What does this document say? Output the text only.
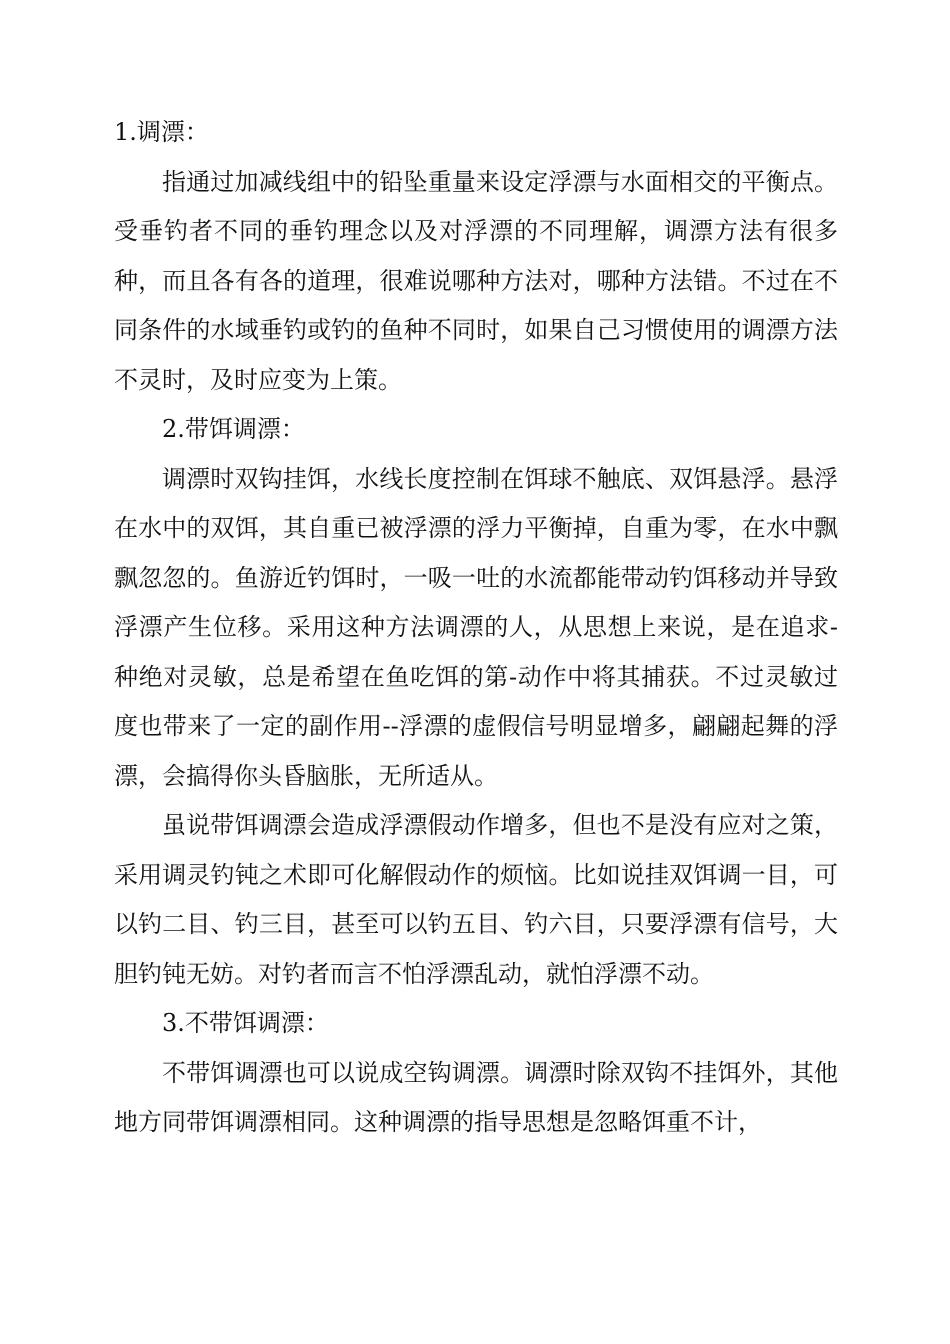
1.调漂：

指通过加减线组中的铅坠重量来设定浮漂与水面相交的平衡点。受垂钓者不同的垂钓理念以及对浮漂的不同理解，调漂方法有很多种，而且各有各的道理，很难说哪种方法对，哪种方法错。不过在不同条件的水域垂钓或钓的鱼种不同时，如果自己习惯使用的调漂方法不灵时，及时应变为上策。

2.带饵调漂：

调漂时双钩挂饵，水线长度控制在饵球不触底、双饵悬浮。悬浮在水中的双饵，其自重已被浮漂的浮力平衡掉，自重为零，在水中飘飘忽忽的。鱼游近钓饵时，一吸一吐的水流都能带动钓饵移动并导致浮漂产生位移。采用这种方法调漂的人，从思想上来说，是在追求-种绝对灵敏，总是希望在鱼吃饵的第-动作中将其捕获。不过灵敏过度也带来了一定的副作用--浮漂的虚假信号明显增多，翩翩起舞的浮漂，会搞得你头昏脑胀，无所适从。

虽说带饵调漂会造成浮漂假动作增多，但也不是没有应对之策，采用调灵钓钝之术即可化解假动作的烦恼。比如说挂双饵调一目，可以钓二目、钓三目，甚至可以钓五目、钓六目，只要浮漂有信号，大胆钓钝无妨。对钓者而言不怕浮漂乱动，就怕浮漂不动。

3.不带饵调漂：

不带饵调漂也可以说成空钩调漂。调漂时除双钩不挂饵外，其他地方同带饵调漂相同。这种调漂的指导思想是忽略饵重不计，
